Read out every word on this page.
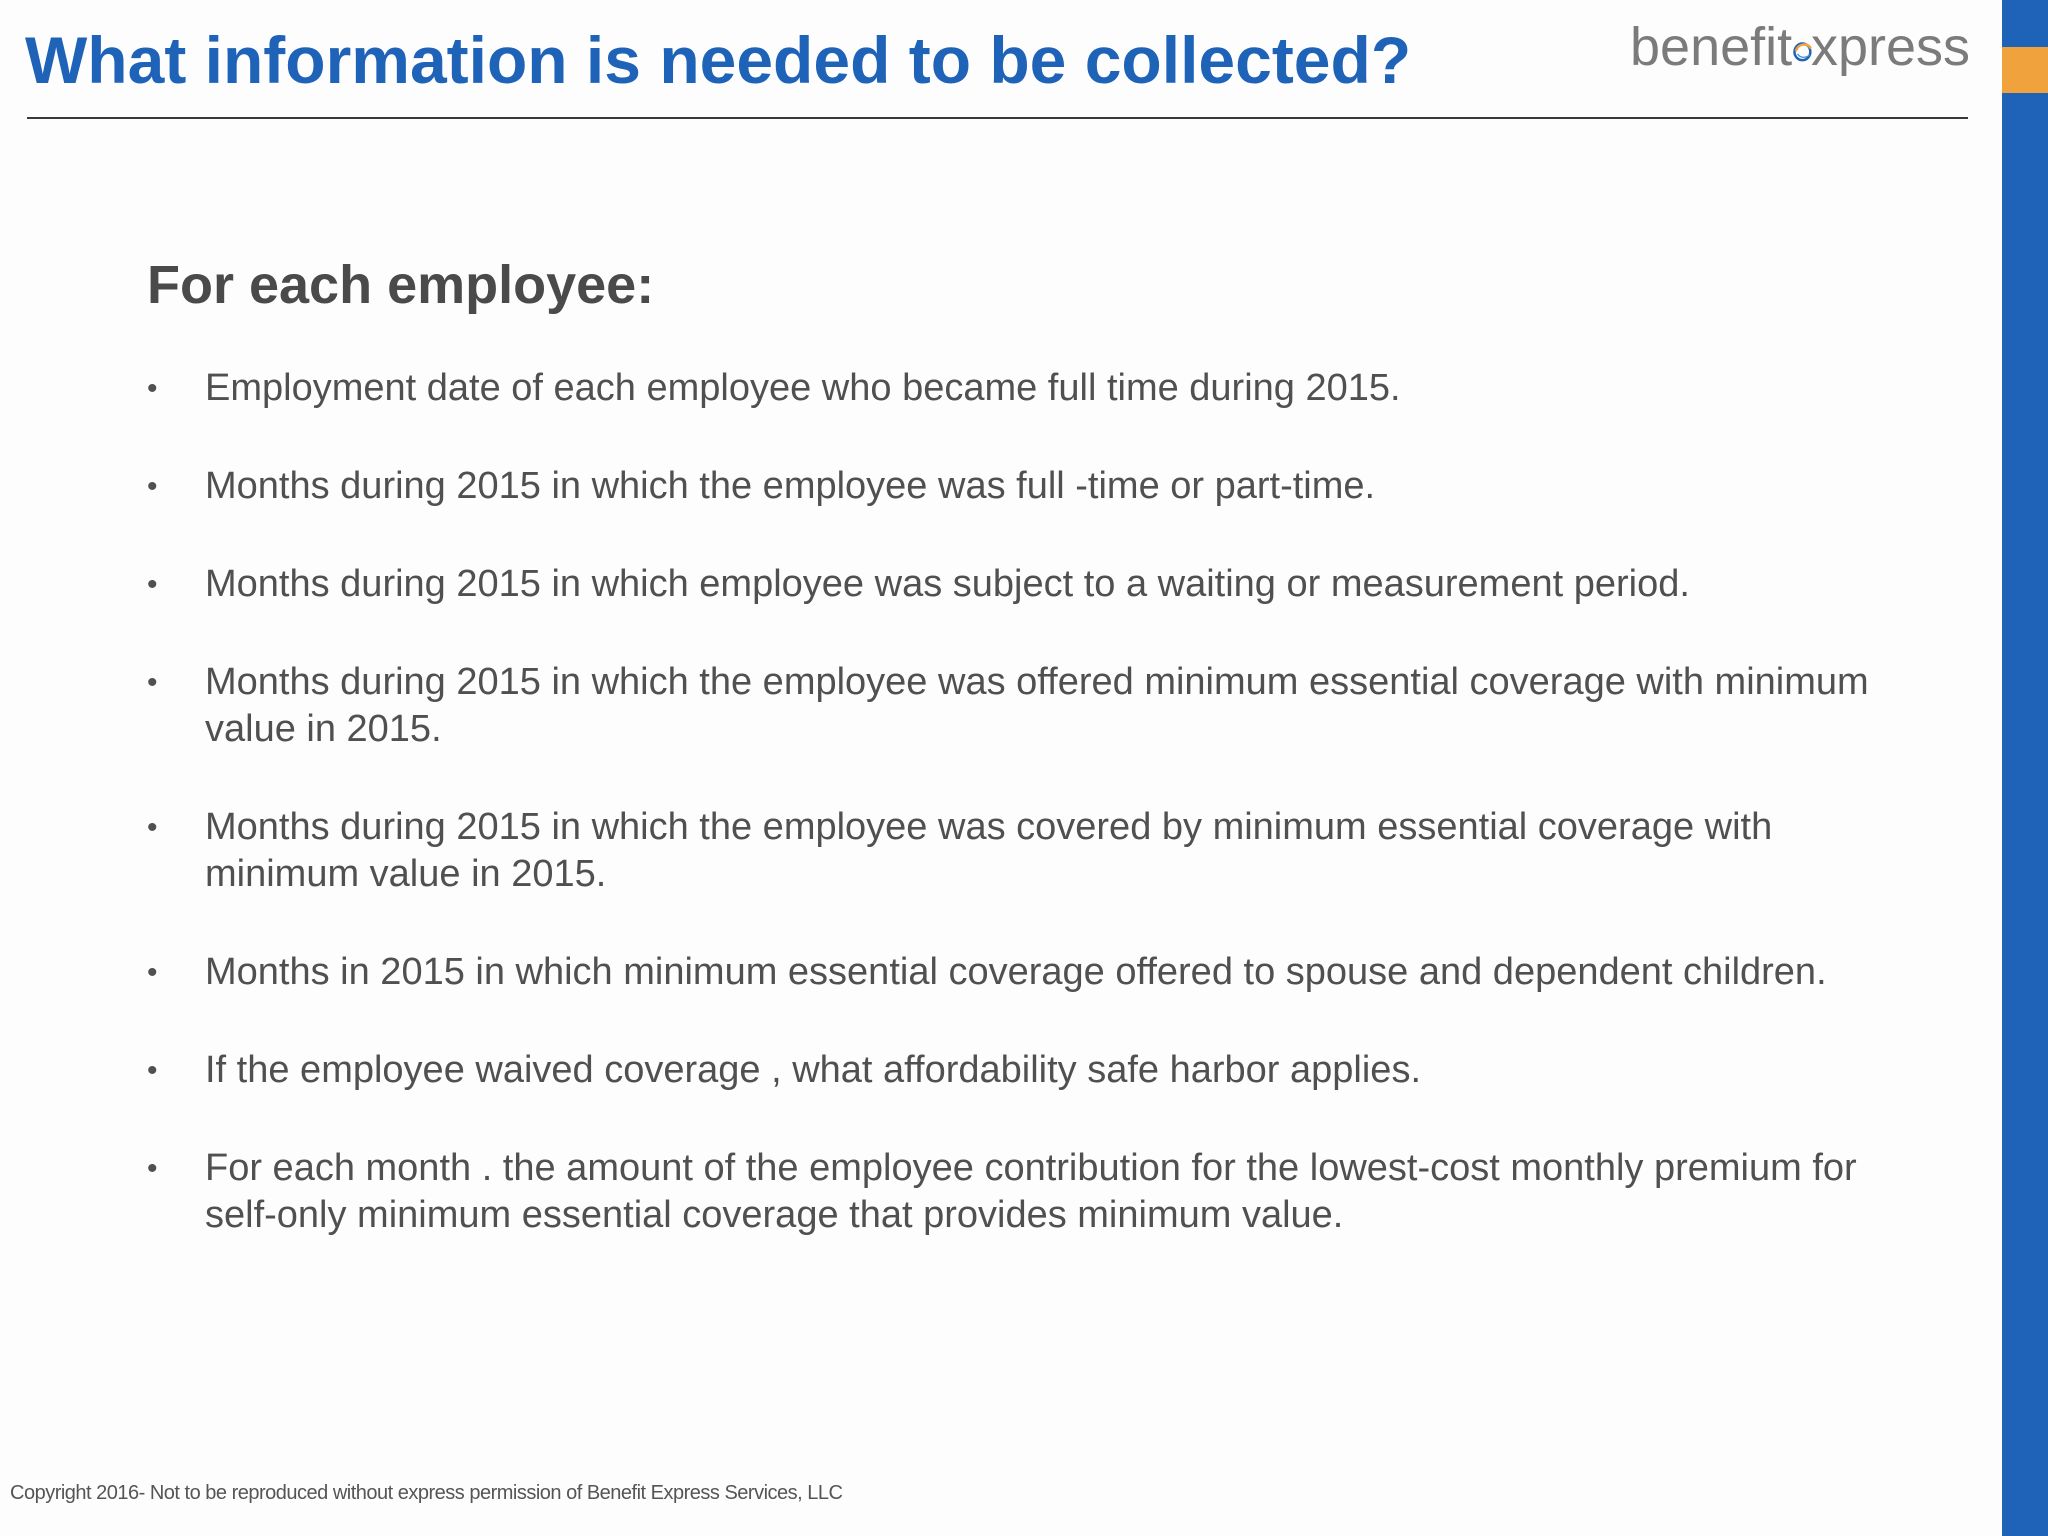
What information is needed to be collected?	benefit xpress
For each employee:
• Employment date of each employee who became full time during 2015.
• Months during 2015 in which the employee was full -time or part-time.
• Months during 2015 in which employee was subject to a waiting or measurement period.
• Months during 2015 in which the employee was offered minimum essential coverage with minimum value in 2015.
• Months during 2015 in which the employee was covered by minimum essential coverage with minimum value in 2015.
• Months in 2015 in which minimum essential coverage offered to spouse and dependent children.
• If the employee waived coverage , what affordability safe harbor applies.
• For each month . the amount of the employee contribution for the lowest-cost monthly premium for self-only minimum essential coverage that provides minimum value.
Copyright 2016- Not to be reproduced without express permission of Benefit Express Services, LLC
